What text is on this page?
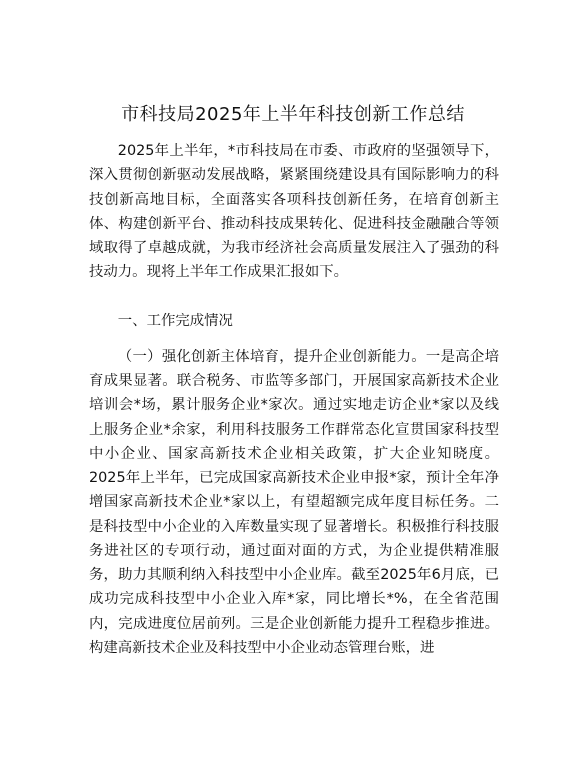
市科技局2025年上半年科技创新工作总结

2025年上半年，*市科技局在市委、市政府的坚强领导下，深入贯彻创新驱动发展战略，紧紧围绕建设具有国际影响力的科技创新高地目标，全面落实各项科技创新任务，在培育创新主体、构建创新平台、推动科技成果转化、促进科技金融融合等领域取得了卓越成就，为我市经济社会高质量发展注入了强劲的科技动力。现将上半年工作成果汇报如下。

一、工作完成情况

（一）强化创新主体培育，提升企业创新能力。一是高企培育成果显著。联合税务、市监等多部门，开展国家高新技术企业培训会*场，累计服务企业*家次。通过实地走访企业*家以及线上服务企业*余家，利用科技服务工作群常态化宣贯国家科技型中小企业、国家高新技术企业相关政策，扩大企业知晓度。2025年上半年，已完成国家高新技术企业申报*家，预计全年净增国家高新技术企业*家以上，有望超额完成年度目标任务。二是科技型中小企业的入库数量实现了显著增长。积极推行科技服务进社区的专项行动，通过面对面的方式，为企业提供精准服务，助力其顺利纳入科技型中小企业库。截至2025年6月底，已成功完成科技型中小企业入库*家，同比增长*%，在全省范围内，完成进度位居前列。三是企业创新能力提升工程稳步推进。构建高新技术企业及科技型中小企业动态管理台账，进
